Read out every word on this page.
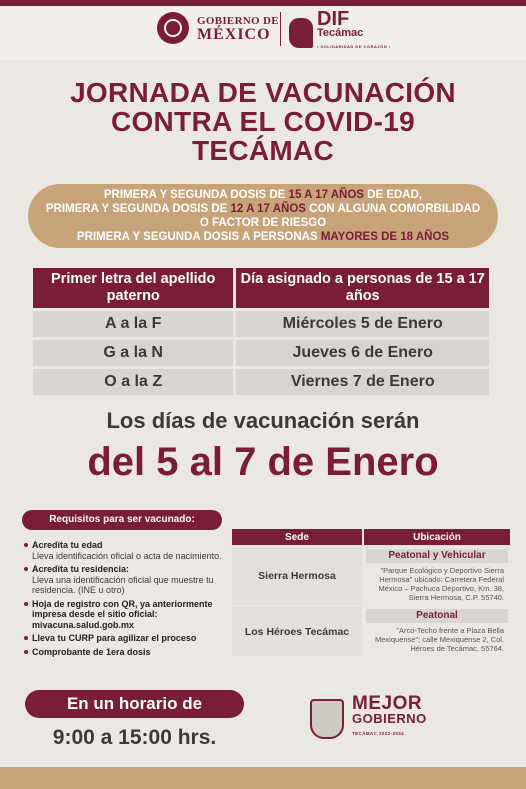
GOBIERNO DE
MÉXICO
DIF
Tecámac
• SOLIDARIDAD DE CORAZÓN •
JORNADA DE VACUNACIÓN
CONTRA EL COVID-19
TECÁMAC
PRIMERA Y SEGUNDA DOSIS DE 15 A 17 AÑOS DE EDAD,
PRIMERA Y SEGUNDA DOSIS DE 12 A 17 AÑOS CON ALGUNA COMORBILIDAD
O FACTOR DE RIESGO
PRIMERA Y SEGUNDA DOSIS A PERSONAS MAYORES DE 18 AÑOS
Primer letra del apellido paterno	Día asignado a personas de 15 a 17 años
A a la F	Miércoles 5 de Enero
G a la N	Jueves 6 de Enero
O a la Z	Viernes 7 de Enero
Los días de vacunación serán
del 5 al 7 de Enero
Requisitos para ser vacunado:
Acredita tu edad
Lleva identificación oficial o acta de nacimiento.
Acredita tu residencia:
Lleva una identificación oficial que muestre tu residencia. (INE u otro)
Hoja de registro con QR, ya anteriormente impresa desde el sitio oficial: mivacuna.salud.gob.mx
Lleva tu CURP para agilizar el proceso
Comprobante de 1era dosis
Sede	Ubicación
Sierra Hermosa	Peatonal y Vehicular
"Parque Ecológico y Deportivo Sierra Hermosa" ubicado: Carretera Federal México – Pachuca Deportivo, Km. 38, Sierra Hermosa, C.P. 55740.

Los Héroes Tecámac	Peatonal
"Arco-Techo frente a Plaza Bella Mexiquense"; calle Mexiquense 2, Col. Héroes de Tecámac, 55764.
En un horario de
9:00 a 15:00 hrs.
MEJOR
GOBIERNO
TECÁMAC 2022-2024
